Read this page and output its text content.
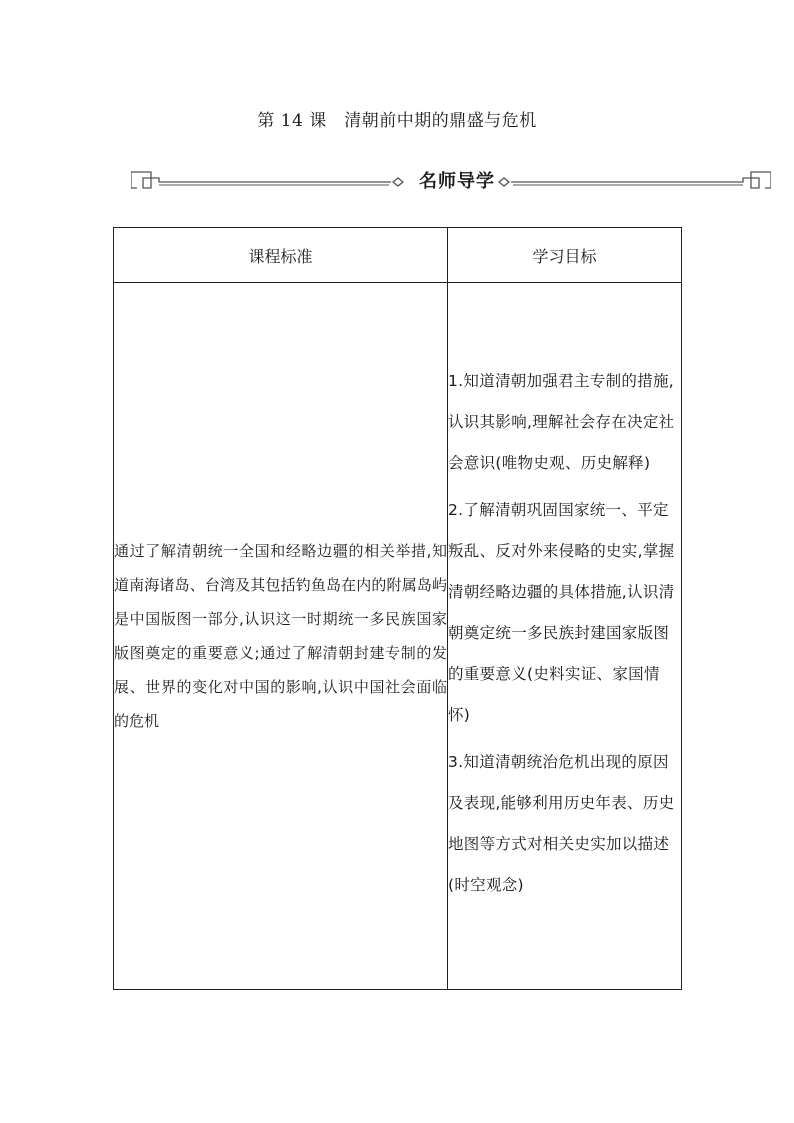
第 14 课　清朝前中期的鼎盛与危机
名师导学
课程标准	学习目标
通过了解清朝统一全国和经略边疆的相关举措,知道南海诸岛、台湾及其包括钓鱼岛在内的附属岛屿是中国版图一部分,认识这一时期统一多民族国家版图奠定的重要意义;通过了解清朝封建专制的发展、世界的变化对中国的影响,认识中国社会面临的危机	1.知道清朝加强君主专制的措施,认识其影响,理解社会存在决定社会意识(唯物史观、历史解释)
2.了解清朝巩固国家统一、平定叛乱、反对外来侵略的史实,掌握清朝经略边疆的具体措施,认识清朝奠定统一多民族封建国家版图的重要意义(史料实证、家国情怀)
3.知道清朝统治危机出现的原因及表现,能够利用历史年表、历史地图等方式对相关史实加以描述(时空观念)
